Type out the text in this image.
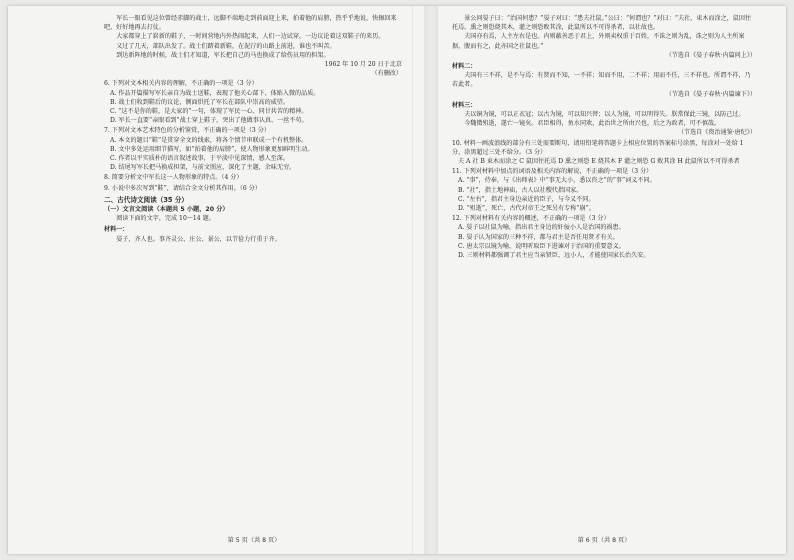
军长一眼看见这位曾经赤脚的战士，远脚不端地走到前面迎上来，拍着他的肩膀，热乎乎地说，快擦回来吧，好好地再去打仗。

大家都穿上了崭新的鞋子，一时间营地内外热闹起来，人们一边试穿，一边议论着这双鞋子的来历。

又过了几天，部队出发了。战士们踏着新鞋，在泥泞的山路上前进，谁也不叫苦。

到达新阵地的时候，战士们才知道，军长把自己的马也换成了给伤员用的担架。

1962 年 10 月 20 日于北京

（有删改）

6. 下列对文本相关内容的理解，不正确的一项是（3 分）

A. 作品开篇描写军长亲自为战士送鞋，表现了他关心部下、体贴入微的品质。

B. 战士们收到鞋后的议论，侧面烘托了军长在部队中崇高的威望。

C. “这不是你的鞋，是大家的”一句，体现了军民一心、同甘共苦的精神。

D. 军长一直要“亲眼看到”战士穿上鞋子，突出了他做事认真、一丝不苟。

7. 下列对文本艺术特色的分析鉴赏，不正确的一项是（3 分）

A. 本文的题目“鞋”是贯穿全文的线索，将各个情节串联成一个有机整体。

B. 文中多处运用细节描写，如“拍着他的肩膀”，使人物形象更加鲜明生动。

C. 作者以平实质朴的语言叙述故事，于平淡中见深情，感人至深。

D. 结尾写军长把马换成担架，与前文照应，深化了主题，余味无穷。

8. 简要分析文中军长这一人物形象的特点。（4 分）

9. 小说中多次写到“鞋”，请结合全文分析其作用。（6 分）

二、古代诗文阅读（35 分）

（一）文言文阅读（本题共 5 小题，20 分）

阅读下面的文字，完成 10～14 题。

材料一：

晏子，齐人也。事齐灵公、庄公、景公，以节俭力行重于齐。

第 5 页（共 8 页）

景公问晏子曰：“治国何患？”晏子对曰：“患夫社鼠。”公曰：“何谓也？”对曰：“夫社，束木而涂之，鼠因往托焉。熏之则恐烧其木，灌之则恐败其涂，此鼠所以不可得杀者，以社故也。

夫国亦有焉，人主左右是也。内则蔽善恶于君上，外则卖权重于百姓，不诛之则为乱，诛之则为人主所案据，腹而有之，此亦国之社鼠也。”

（节选自《晏子春秋·内篇问上》）

材料二：

夫国有三不祥，是不与焉：有贤而不知，一不祥；知而不用，二不祥；用而不任，三不祥也。所谓不祥，乃若此者。

（节选自《晏子春秋·内篇谏下》）

材料三：

夫以铜为镜，可以正衣冠；以古为镜，可以知兴替；以人为镜，可以明得失。朕常保此三镜，以防己过。

今魏徵殂逝，遂亡一镜矣。君臣相得，鱼水同欢，此治世之所由兴也，后之为政者，可不慎哉。

（节选自《资治通鉴·唐纪》）

10. 材料一画波浪线的部分有三处需要断句，请用铅笔将答题卡上相应位置的答案标号涂黑，每涂对一处给 1 分，涂黑超过三处不给分。（3 分）

夫 A 社 B 束木而涂之 C 鼠因往托焉 D 熏之则恐 E 烧其木 F 灌之则恐 G 败其涂 H 此鼠所以不可得杀者

11. 下列对材料中加点的词语及相关内容的解说，不正确的一项是（3 分）

A. “事”，侍奉，与《出师表》中“事无大小，悉以咨之”的“事”词义不同。

B. “社”，指土地神庙，古人以社稷代指国家。

C. “左右”，指君主身边亲近的臣子，与今义不同。

D. “殂逝”，死亡，古代对帝王之死另有专称“崩”。

12. 下列对材料有关内容的概述，不正确的一项是（3 分）

A. 晏子以社鼠为喻，指出君主身边的奸佞小人是治国的祸患。

B. 晏子认为国家的三种不祥，都与君主是否任用贤才有关。

C. 唐太宗以镜为喻，说明听取臣下进谏对于治国的重要意义。

D. 三则材料都强调了君主应当亲贤臣、远小人，才能使国家长治久安。

第 6 页（共 8 页）
